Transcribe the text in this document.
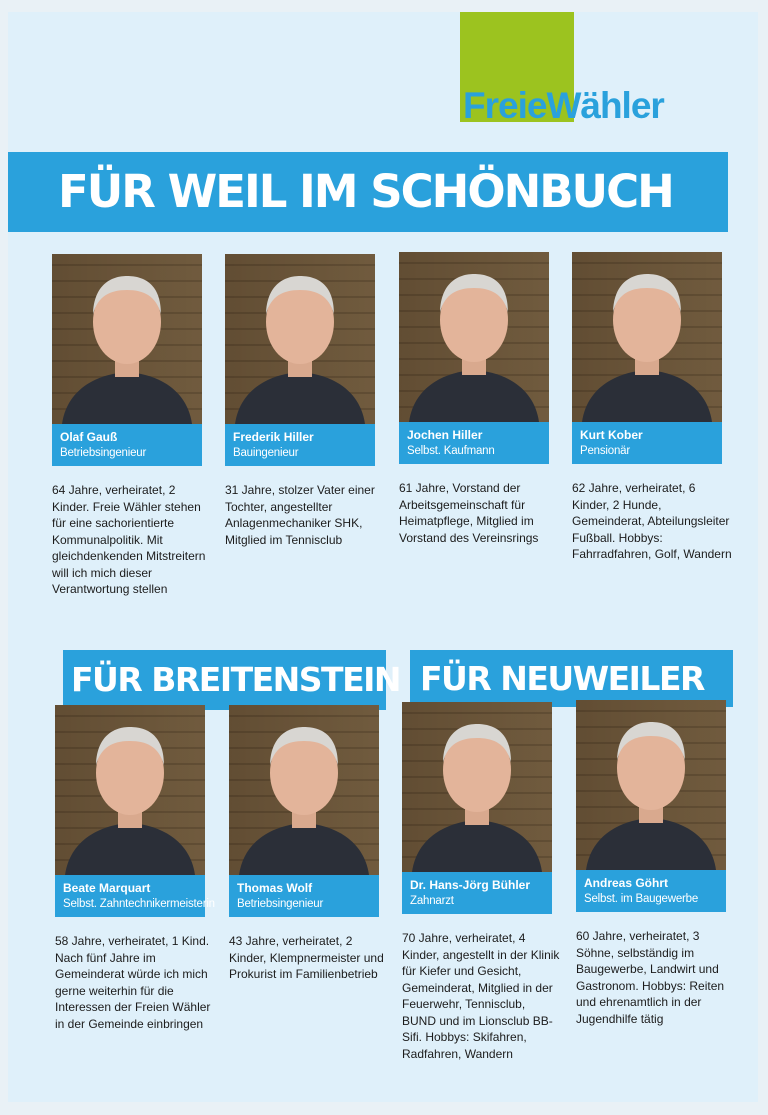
FreieWähler
FÜR WEIL IM SCHÖNBUCH
FÜR BREITENSTEIN FÜR NEUWEILER
Olaf Gauß
Betriebsingenieur
64 Jahre, verheiratet, 2 Kinder. Freie Wähler stehen für eine sachorientierte Kommunalpolitik. Mit gleichdenkenden Mitstreitern will ich mich dieser Verantwortung stellen
Frederik Hiller
Bauingenieur
31 Jahre, stolzer Vater einer Tochter, angestellter Anlagenmechaniker SHK, Mitglied im Tennisclub
Jochen Hiller
Selbst. Kaufmann
61 Jahre, Vorstand der Arbeitsgemeinschaft für Heimatpflege, Mitglied im Vorstand des Vereinsrings
Kurt Kober
Pensionär
62 Jahre, verheiratet, 6 Kinder, 2 Hunde, Gemeinderat, Abteilungsleiter Fußball. Hobbys: Fahrradfahren, Golf, Wandern
Beate Marquart
Selbst. Zahntechnikermeisterin
58 Jahre, verheiratet, 1 Kind. Nach fünf Jahre im Gemeinderat würde ich mich gerne weiterhin für die Interessen der Freien Wähler in der Gemeinde einbringen
Thomas Wolf
Betriebsingenieur
43 Jahre, verheiratet, 2 Kinder, Klempnermeister und Prokurist im Familienbetrieb
Dr. Hans-Jörg Bühler
Zahnarzt
70 Jahre, verheiratet, 4 Kinder, angestellt in der Klinik für Kiefer und Gesicht, Gemeinderat, Mitglied in der Feuerwehr, Tennisclub, BUND und im Lionsclub BB-Sifi. Hobbys: Skifahren, Radfahren, Wandern
Andreas Göhrt
Selbst. im Baugewerbe
60 Jahre, verheiratet, 3 Söhne, selbständig im Baugewerbe, Landwirt und Gastronom. Hobbys: Reiten und ehrenamtlich in der Jugendhilfe tätig
